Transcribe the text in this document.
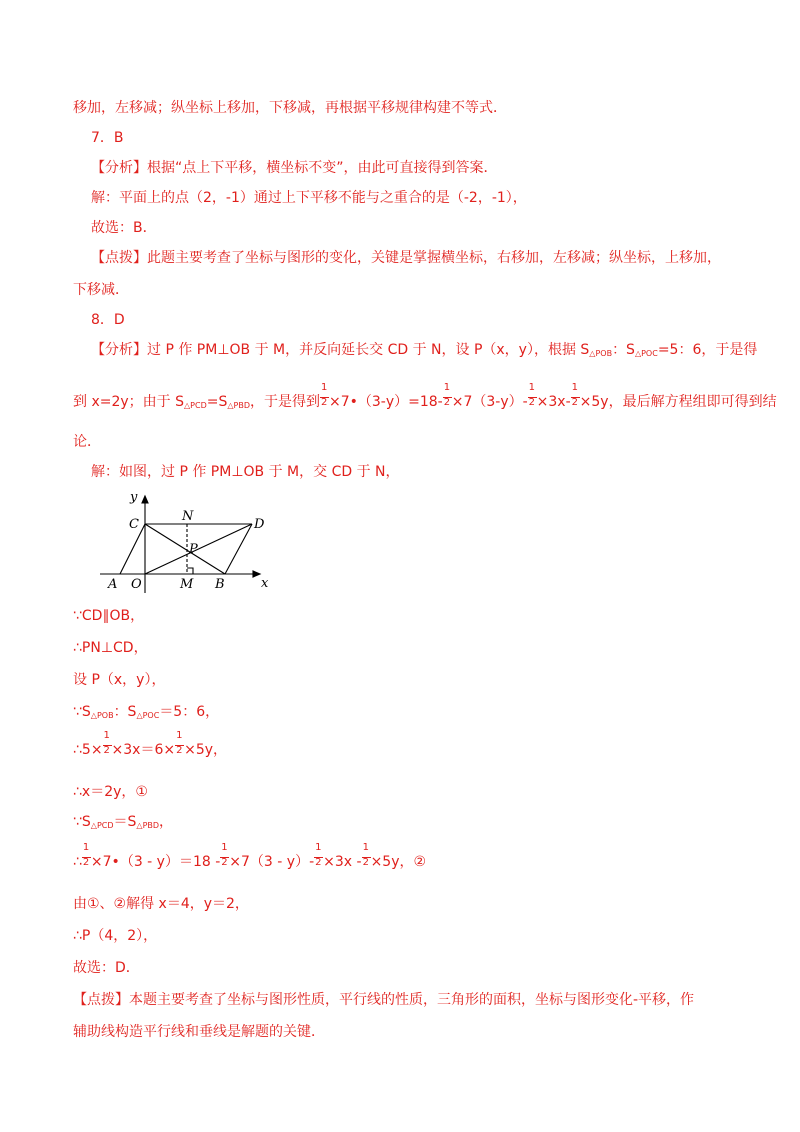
移加，左移减；纵坐标上移加，下移减，再根据平移规律构建不等式．
7．B
【分析】根据“点上下平移，横坐标不变”，由此可直接得到答案．
解：平面上的点（2，-1）通过上下平移不能与之重合的是（-2，-1），
故选：B．
【点拨】此题主要考查了坐标与图形的变化，关键是掌握横坐标，右移加，左移减；纵坐标，上移加，
下移减．
8．D
【分析】过 P 作 PM⊥OB 于 M，并反向延长交 CD 于 N，设 P（x，y），根据 $S_{\triangle POB}$：$S_{\triangle POC}=5$：6，于是得
到 x=2y；由于 $S_{\triangle PCD}=S_{\triangle PBD}$，于是得到 $\frac{1}{2}$ ×7•（3-y）=18- $\frac{1}{2} \times 7(3-y)- \frac{1}{2} \times 3x- \frac{1}{2} \times 5y$，最后解方程组即可得到结
论．
解：如图，过 P 作 PM⊥OB 于 M，交 CD 于 N，
y
x
C
N
D
P
A O	M B
∵CD∥OB，
∴PN⊥CD，
设 P（x，y），
$\because S_{\triangle POB}$：$S_{\triangle POC}=5$：6，
∴5× $\frac{1}{2} \times 3x=6\times \frac{1}{2} \times 5y$，
∴x＝2y，①
$\because S_{\triangle PCD}=S_{\triangle PBD}$，
∴ $\frac{1}{2}$ ×7•（3 - $y)=18 - \frac{1}{2} \times 7(3 - y)- \frac{1}{2} \times 3x - \frac{1}{2} \times 5y$，②
由①、②解得 x＝4，y＝2，
∴P（4，2），
故选：D．
【点拨】本题主要考查了坐标与图形性质，平行线的性质，三角形的面积，坐标与图形变化-平移，作
辅助线构造平行线和垂线是解题的关键．
